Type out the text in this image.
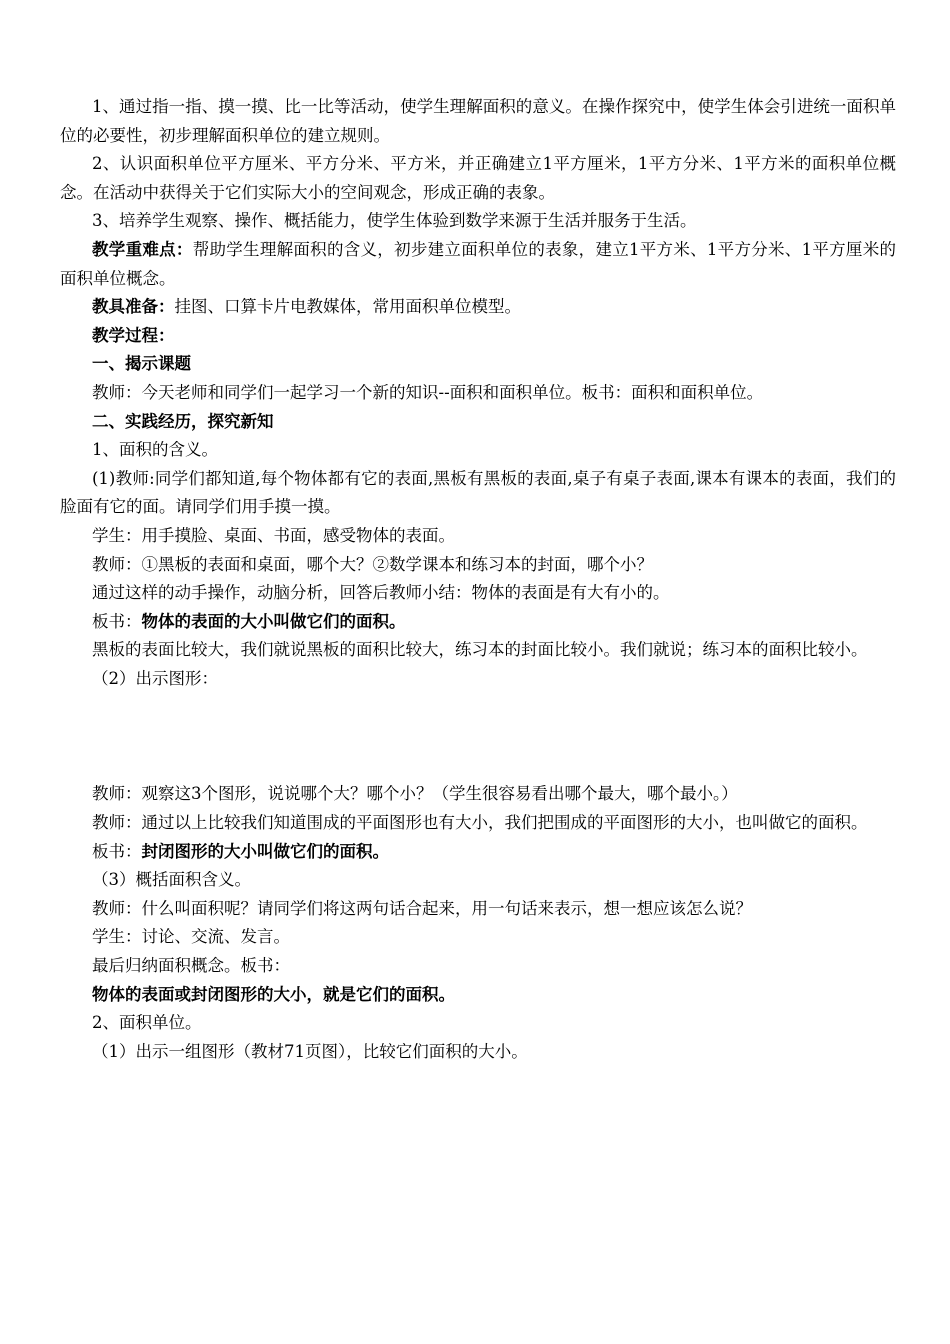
1、通过指一指、摸一摸、比一比等活动，使学生理解面积的意义。在操作探究中，使学生体会引进统一面积单位的必要性，初步理解面积单位的建立规则。

2、认识面积单位平方厘米、平方分米、平方米，并正确建立1平方厘米，1平方分米、1平方米的面积单位概念。在活动中获得关于它们实际大小的空间观念，形成正确的表象。

3、培养学生观察、操作、概括能力，使学生体验到数学来源于生活并服务于生活。

教学重难点：帮助学生理解面积的含义，初步建立面积单位的表象，建立1平方米、1平方分米、1平方厘米的面积单位概念。

教具准备：挂图、口算卡片电教媒体，常用面积单位模型。

教学过程：

一、揭示课题

教师：今天老师和同学们一起学习一个新的知识--面积和面积单位。板书：面积和面积单位。

二、实践经历，探究新知

1、面积的含义。

(1)教师:同学们都知道,每个物体都有它的表面,黑板有黑板的表面,桌子有桌子表面,课本有课本的表面，我们的脸面有它的面。请同学们用手摸一摸。

学生：用手摸脸、桌面、书面，感受物体的表面。

教师：①黑板的表面和桌面，哪个大？②数学课本和练习本的封面，哪个小？

通过这样的动手操作，动脑分析，回答后教师小结：物体的表面是有大有小的。

板书：物体的表面的大小叫做它们的面积。

黑板的表面比较大，我们就说黑板的面积比较大，练习本的封面比较小。我们就说；练习本的面积比较小。

（2）出示图形：

教师：观察这3个图形，说说哪个大？哪个小？（学生很容易看出哪个最大，哪个最小。）

教师：通过以上比较我们知道围成的平面图形也有大小，我们把围成的平面图形的大小，也叫做它的面积。

板书：封闭图形的大小叫做它们的面积。

（3）概括面积含义。

教师：什么叫面积呢？请同学们将这两句话合起来，用一句话来表示，想一想应该怎么说？

学生：讨论、交流、发言。

最后归纳面积概念。板书：

物体的表面或封闭图形的大小，就是它们的面积。

2、面积单位。

（1）出示一组图形（教材71页图），比较它们面积的大小。
